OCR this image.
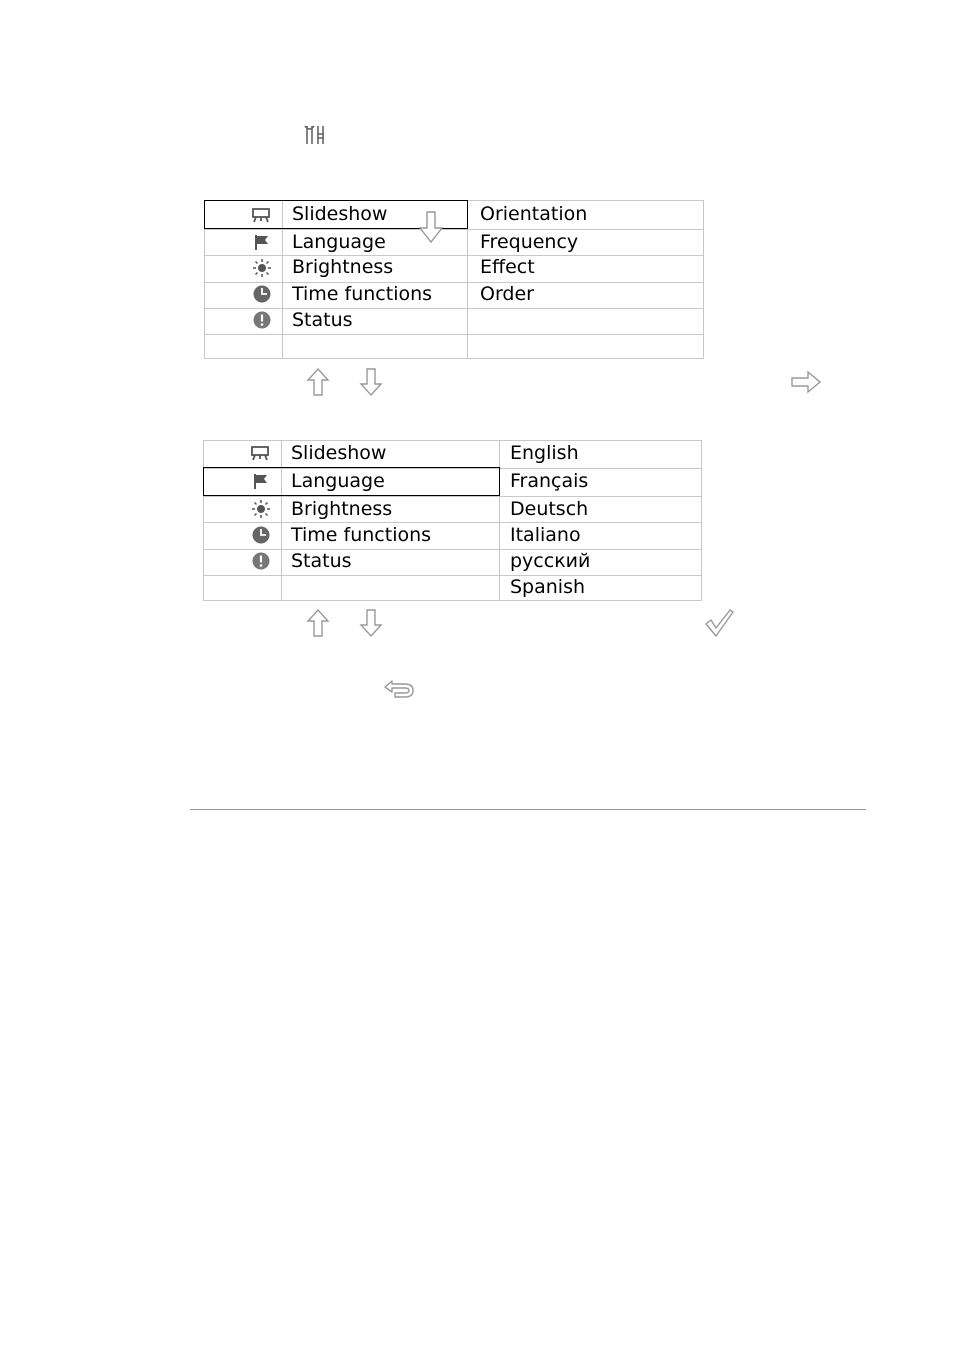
Slideshow
Language
Brightness
Time functions
Status
Orientation
Frequency
Effect
Order
Slideshow
Language
Brightness
Time functions
Status
English
Français
Deutsch
Italiano
русский
Spanish
